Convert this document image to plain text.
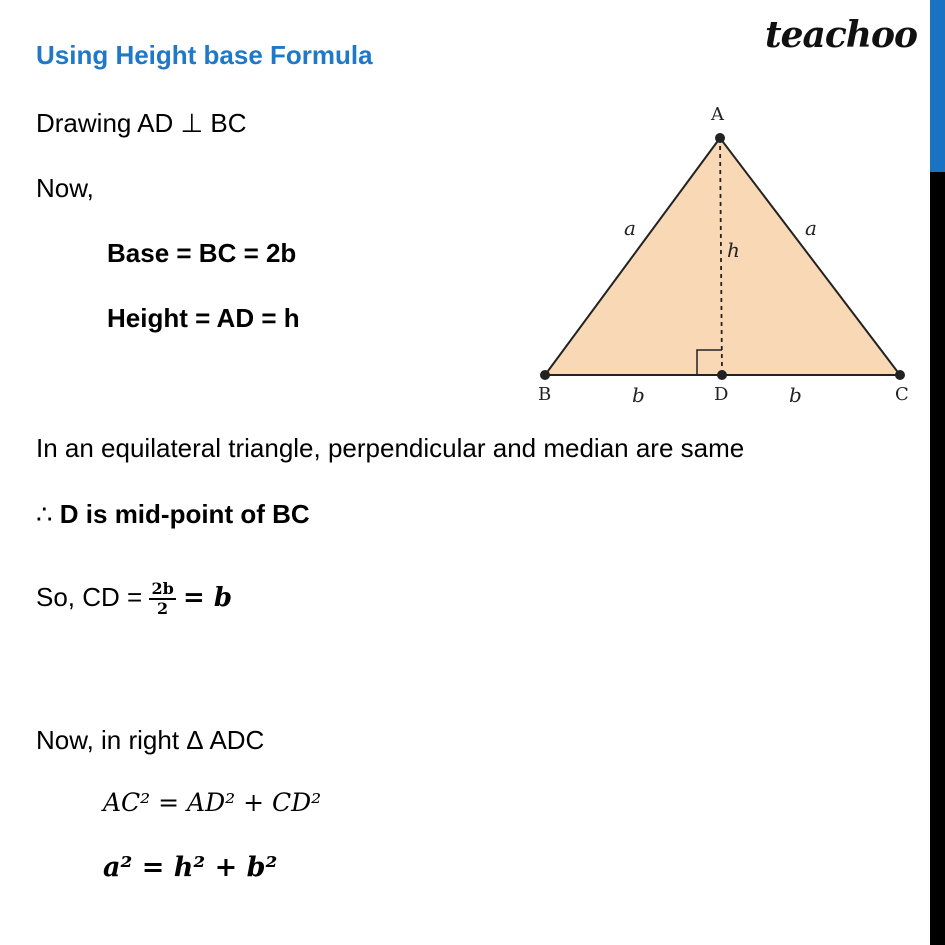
teachoo
Using Height base Formula
Drawing AD ⊥ BC
Now,
Base = BC = 2b
Height = AD = h
In an equilateral triangle, perpendicular and median are same
∴ D is mid-point of BC
So, CD = $\frac{2b}{2} = b$
Now, in right Δ ADC
AC² = AD² + CD²
a² = h² + b²
A
B	C
D
a	a
h
b	b
